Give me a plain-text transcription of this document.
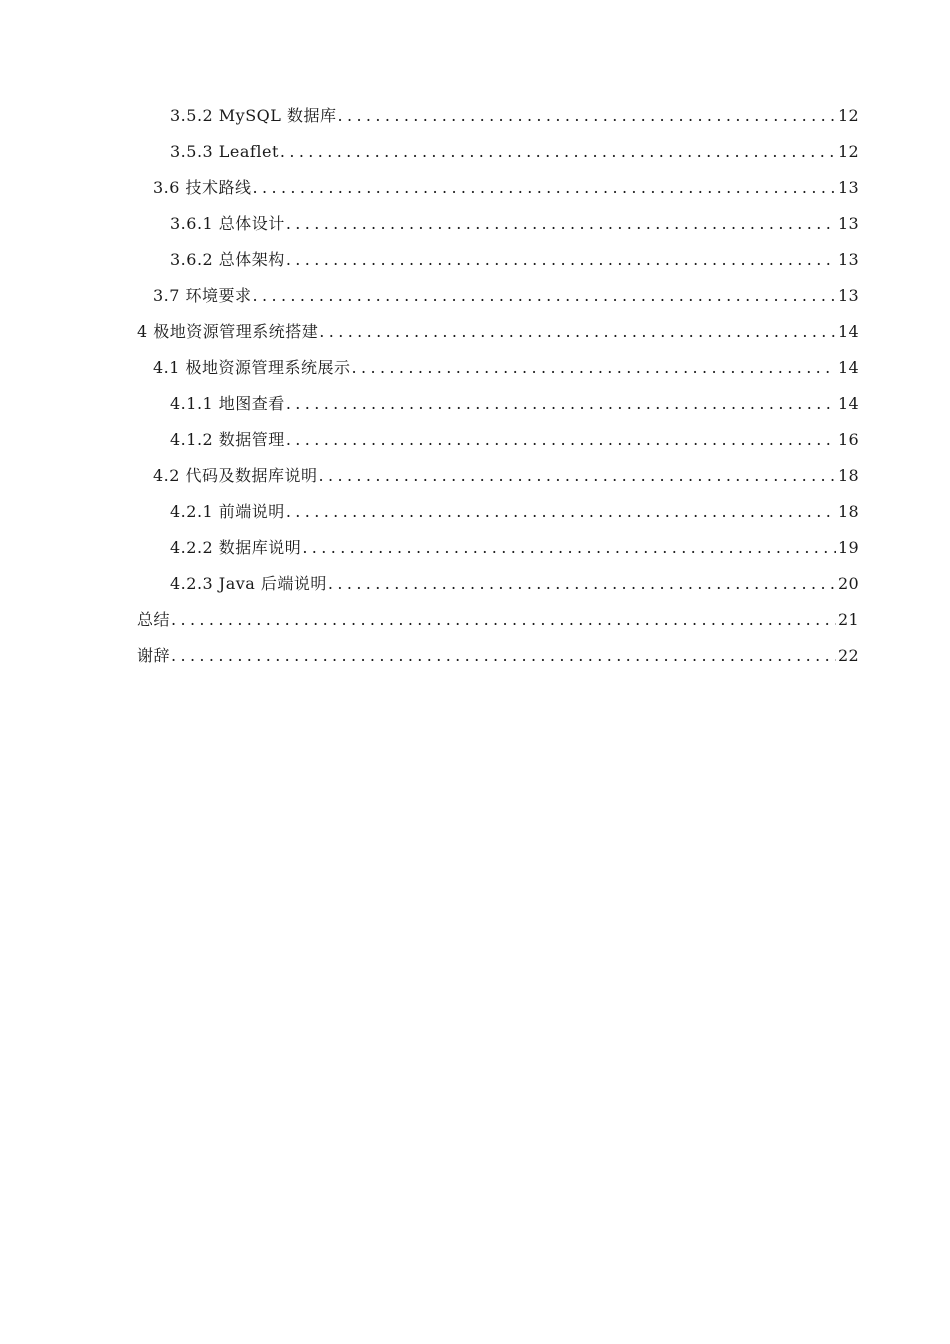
3.5.2 MySQL 数据库 . . .	12
3.5.3 Leaflet . . .	12
3.6 技术路线 . . .	13
3.6.1 总体设计 . . .	13
3.6.2 总体架构 . . .	13
3.7 环境要求 . . .	13
4 极地资源管理系统搭建 . . .	14
4.1 极地资源管理系统展示 . . .	14
4.1.1 地图查看 . . .	14
4.1.2 数据管理 . . .	16
4.2 代码及数据库说明 . . .	18
4.2.1 前端说明 . . .	18
4.2.2 数据库说明 . . .	19
4.2.3 Java 后端说明 . . .	20
总结 . . .	21
谢辞 . . .	22
